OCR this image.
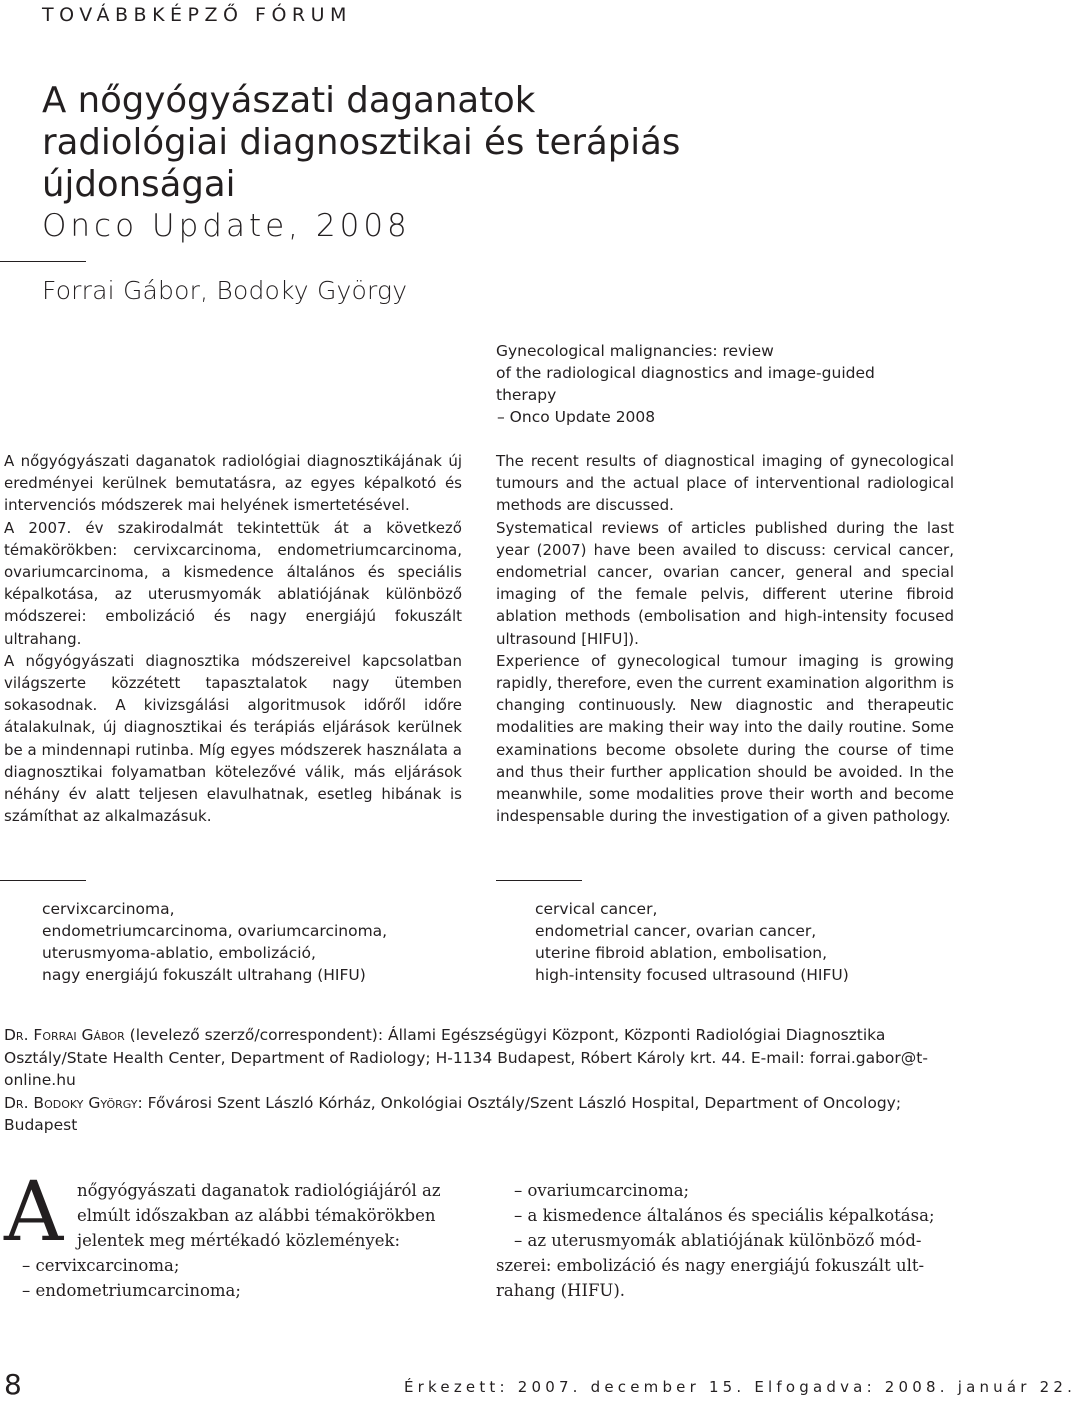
TOVÁBBKÉPZŐ FÓRUM
A nőgyógyászati daganatok
radiológiai diagnosztikai és terápiás
újdonságai
Onco Update, 2008
Forrai Gábor, Bodoky György
Gynecological malignancies: review
of the radiological diagnostics and image-guided
therapy
– Onco Update 2008

A nőgyógyászati daganatok radiológiai diagnosztikájának új eredményei kerülnek bemutatásra, az egyes képalkotó és intervenciós módszerek mai helyének ismertetésével.

A 2007. év szakirodalmát tekintettük át a következő témakörökben: cervixcarcinoma, endometriumcarcinoma, ovariumcarcinoma, a kismedence általános és speciális képalkotása, az uterusmyomák ablatiójának különböző módszerei: embolizáció és nagy energiájú fokuszált ultrahang.

A nőgyógyászati diagnosztika módszereivel kapcsolatban világszerte közzétett tapasztalatok nagy ütemben sokasodnak. A kivizsgálási algoritmusok időről időre átalakulnak, új diagnosztikai és terápiás eljárások kerülnek be a mindennapi rutinba. Míg egyes módszerek használata a diagnosztikai folyamatban kötelezővé válik, más eljárások néhány év alatt teljesen elavulhatnak, esetleg hibának is számíthat az alkalmazásuk.

The recent results of diagnostical imaging of gynecological tumours and the actual place of interventional radiological methods are discussed.

Systematical reviews of articles published during the last year (2007) have been availed to discuss: cervical cancer, endometrial cancer, ovarian cancer, general and special imaging of the female pelvis, different uterine fibroid ablation methods (embolisation and high-intensity focused ultrasound [HIFU]).

Experience of gynecological tumour imaging is growing rapidly, therefore, even the current examination algorithm is changing continuously. New diagnostic and therapeutic modalities are making their way into the daily routine. Some examinations become obsolete during the course of time and thus their further application should be avoided. In the meanwhile, some modalities prove their worth and become indespensable during the investigation of a given pathology.

cervixcarcinoma,
endometriumcarcinoma, ovariumcarcinoma,
uterusmyoma-ablatio, embolizáció,
nagy energiájú fokuszált ultrahang (HIFU)
cervical cancer,
endometrial cancer, ovarian cancer,
uterine fibroid ablation, embolisation,
high-intensity focused ultrasound (HIFU)

Dr. Forrai Gábor (levelező szerző/correspondent): Állami Egészségügyi Központ, Központi Radiológiai Diagnosztika Osztály/State Health Center, Department of Radiology; H-1134 Budapest, Róbert Károly krt. 44. E-mail: forrai.gabor@t-online.hu

Dr. Bodoky György: Fővárosi Szent László Kórház, Onkológiai Osztály/Szent László Hospital, Department of Oncology; Budapest

A nőgyógyászati daganatok radiológiájáról az
elmúlt időszakban az alábbi témakörökben
jelentek meg mértékadó közlemények:
– cervixcarcinoma;
– endometriumcarcinoma;
– ovariumcarcinoma;
– a kismedence általános és speciális képalkotása;
– az uterusmyomák ablatiójának különböző mód-
szerei: embolizáció és nagy energiájú fokuszált ult-
rahang (HIFU).
8	Érkezett: 2007. december 15. Elfogadva: 2008. január 22.
